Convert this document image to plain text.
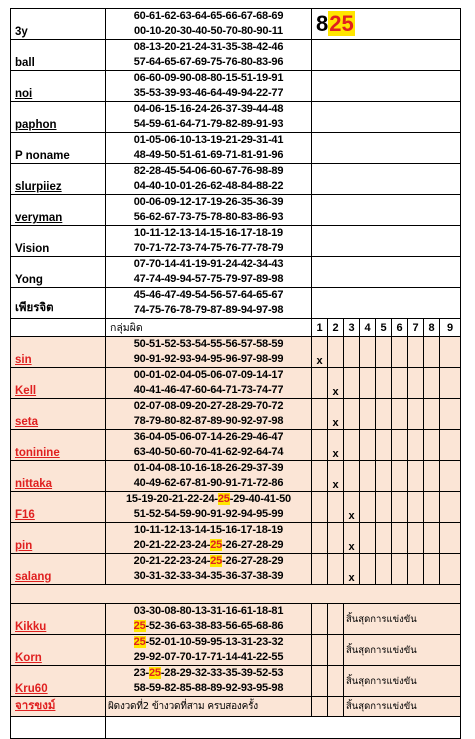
3y	60-61-62-63-64-65-66-67-68-69
00-10-20-30-40-50-70-80-90-11	825								
ball	08-13-20-21-24-31-35-38-42-46
57-64-65-67-69-75-76-80-83-96									

noi	06-60-09-90-08-80-15-51-19-91
35-53-39-93-46-64-49-94-22-77									

paphon	04-06-15-16-24-26-37-39-44-48
54-59-61-64-71-79-82-89-91-93									

P noname	01-05-06-10-13-19-21-29-31-41
48-49-50-51-61-69-71-81-91-96									

slurpiiez	82-28-45-54-06-60-67-76-98-89
04-40-10-01-26-62-48-84-88-22									

veryman	00-06-09-12-17-19-26-35-36-39
56-62-67-73-75-78-80-83-86-93									

Vision	10-11-12-13-14-15-16-17-18-19
70-71-72-73-74-75-76-77-78-79									

Yong	07-70-14-41-19-91-24-42-34-43
47-74-49-94-57-75-79-97-89-98									

เพียรจิต	45-46-47-49-54-56-57-64-65-67
74-75-76-78-79-87-89-94-97-98									

	กลุ่มผิด	1	2	3	4	5	6	7	8	9
sin	50-51-52-53-54-55-56-57-58-59
90-91-92-93-94-95-96-97-98-99	x								
Kell	00-01-02-04-05-06-07-09-14-17
40-41-46-47-60-64-71-73-74-77		x							
seta	02-07-08-09-20-27-28-29-70-72
78-79-80-82-87-89-90-92-97-98		x							
toninine	36-04-05-06-07-14-26-29-46-47
63-40-50-60-70-41-62-92-64-74		x							
nittaka	01-04-08-10-16-18-26-29-37-39
40-49-62-67-81-90-91-71-72-86		x							
F16	15-19-20-21-22-24-25-29-40-41-50
51-52-54-59-90-91-92-94-95-99			x						
pin	10-11-12-13-14-15-16-17-18-19
20-21-22-23-24-25-26-27-28-29			x						
salang	20-21-22-23-24-25-26-27-28-29
30-31-32-33-34-35-36-37-38-39			x						

Kikku	03-30-08-80-13-31-16-61-18-81
25-52-36-63-38-83-56-65-68-86			สิ้นสุดการแข่งขัน						
Korn	25-52-01-10-59-95-13-31-23-32
29-92-07-70-17-71-14-41-22-55			สิ้นสุดการแข่งขัน						
Kru60	23-25-28-29-32-33-35-39-52-53
58-59-82-85-88-89-92-93-95-98			สิ้นสุดการแข่งขัน						
จารขงม์	ผิดงวดที่2 ข้างวดที่สาม ครบสองครั้ง			สิ้นสุดการแข่งขัน						
